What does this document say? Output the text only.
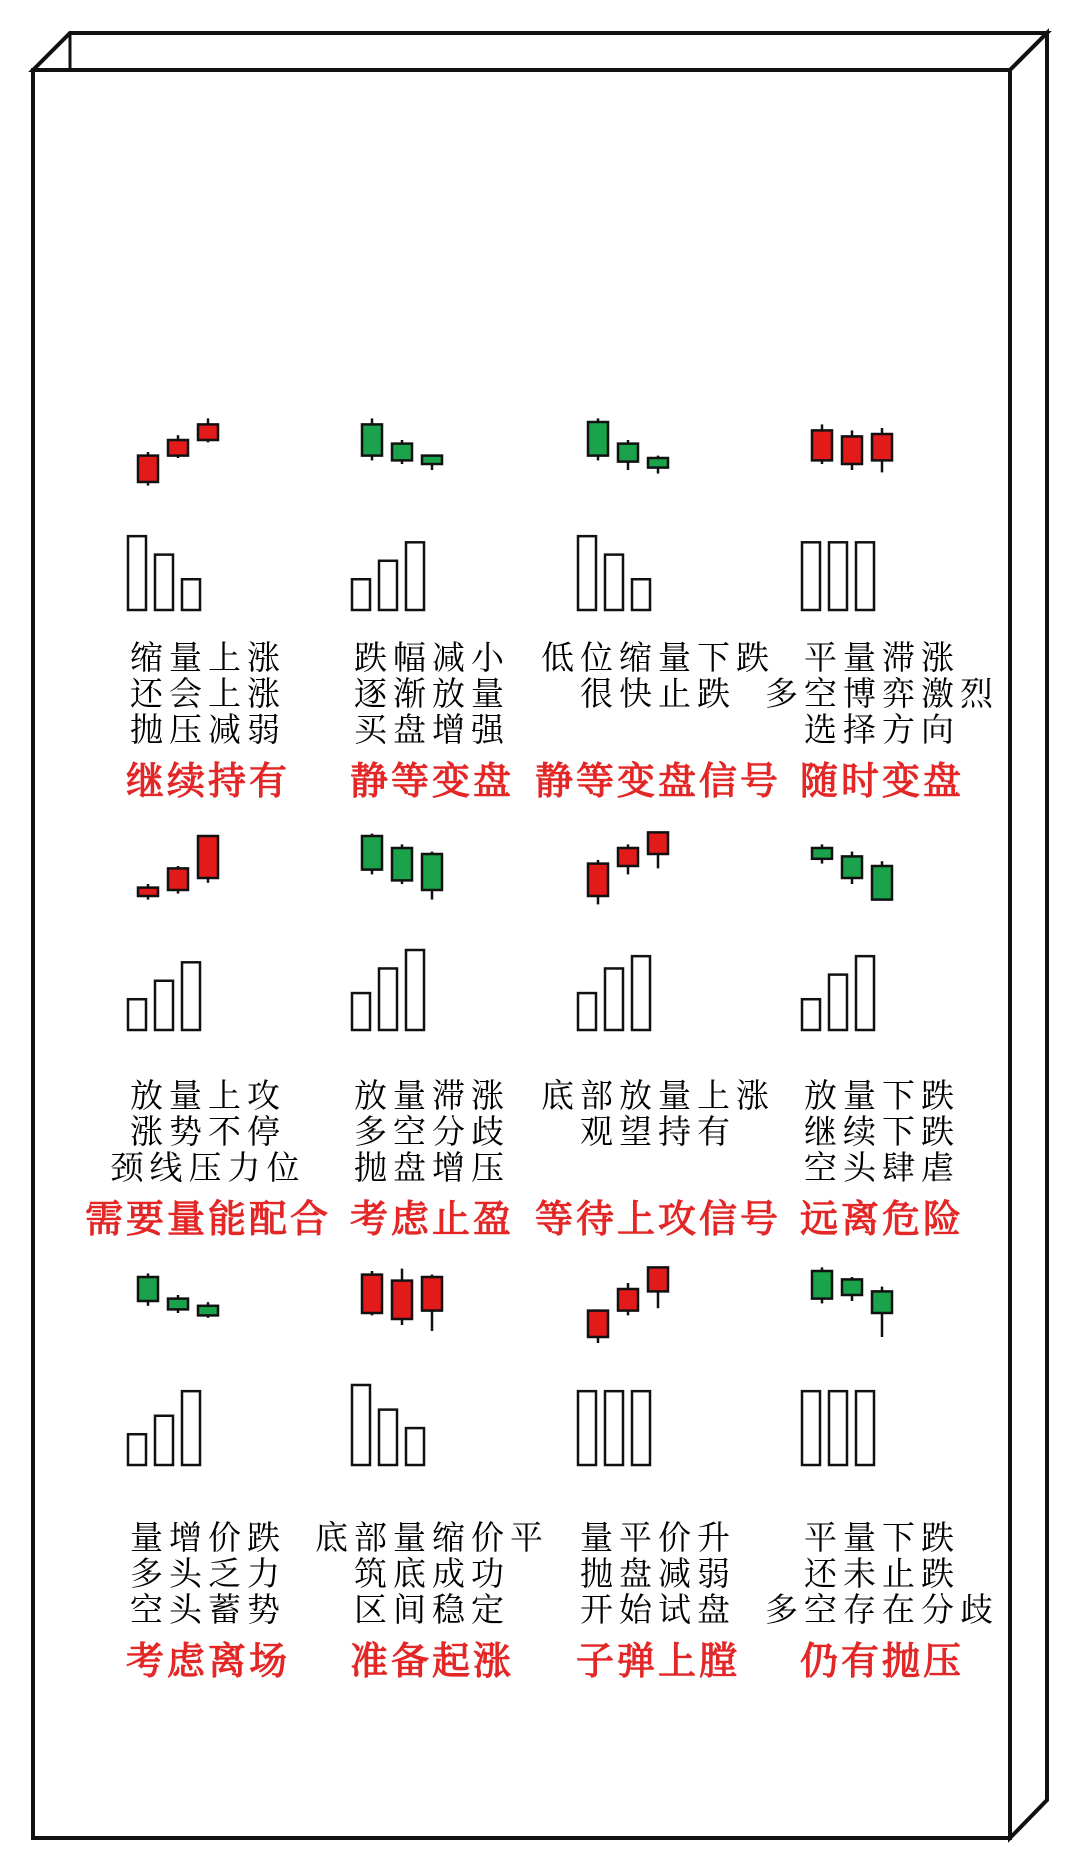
缩量上涨
还会上涨
抛压减弱
继续持有
跌幅减小
逐渐放量
买盘增强
静等变盘
低位缩量下跌
很快止跌
静等变盘信号
平量滞涨
多空博弈激烈
选择方向
随时变盘
放量上攻
涨势不停
颈线压力位
需要量能配合
放量滞涨
多空分歧
抛盘增压
考虑止盈
底部放量上涨
观望持有
等待上攻信号
放量下跌
继续下跌
空头肆虐
远离危险
量增价跌
多头乏力
空头蓄势
考虑离场
底部量缩价平
筑底成功
区间稳定
准备起涨
量平价升
抛盘减弱
开始试盘
子弹上膛
平量下跌
还未止跌
多空存在分歧
仍有抛压
